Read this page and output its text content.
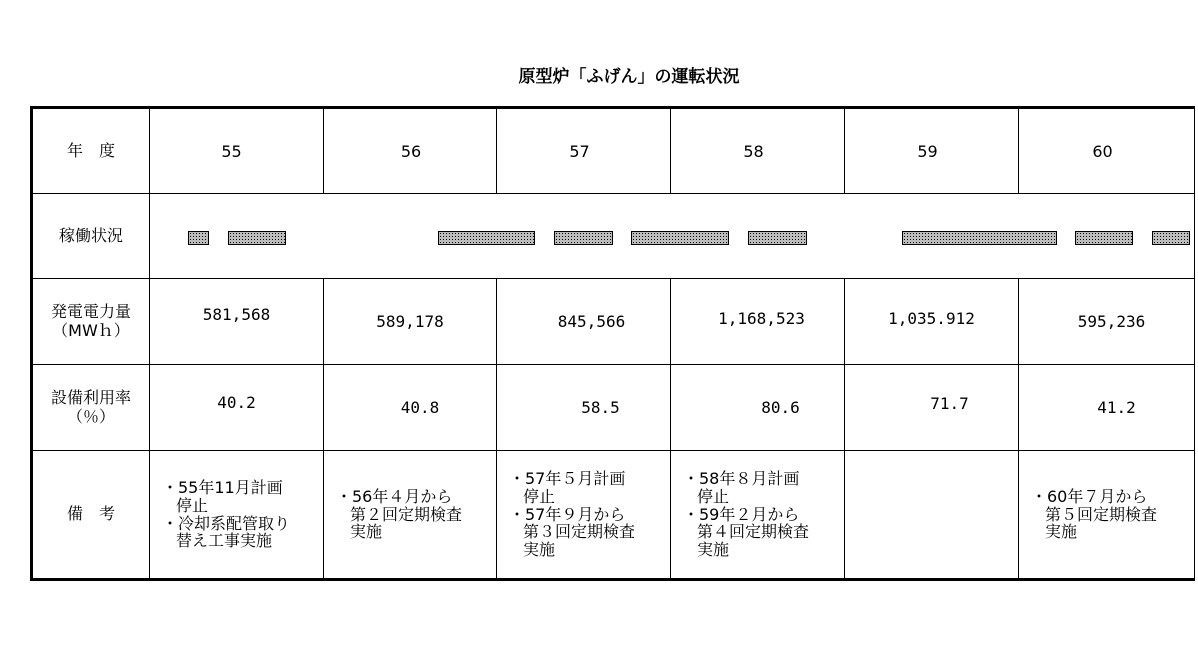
原型炉「ふげん」の運転状況
年　度	55	56	57	58	59	60
稼働状況						

発電電力量
（MWｈ）	581,568	589,178	845,566	1,168,523	1,035.912	595,236
設備利用率
（％）	40.2	40.8	58.5	80.6	71.7	41.2
備　考	・55年11月計画
停止
・冷却系配管取り
替え工事実施	・56年４月から
第２回定期検査
実施	・57年５月計画
停止
・57年９月から
第３回定期検査
実施	・58年８月計画
停止
・59年２月から
第４回定期検査
実施		・60年７月から
第５回定期検査
実施
